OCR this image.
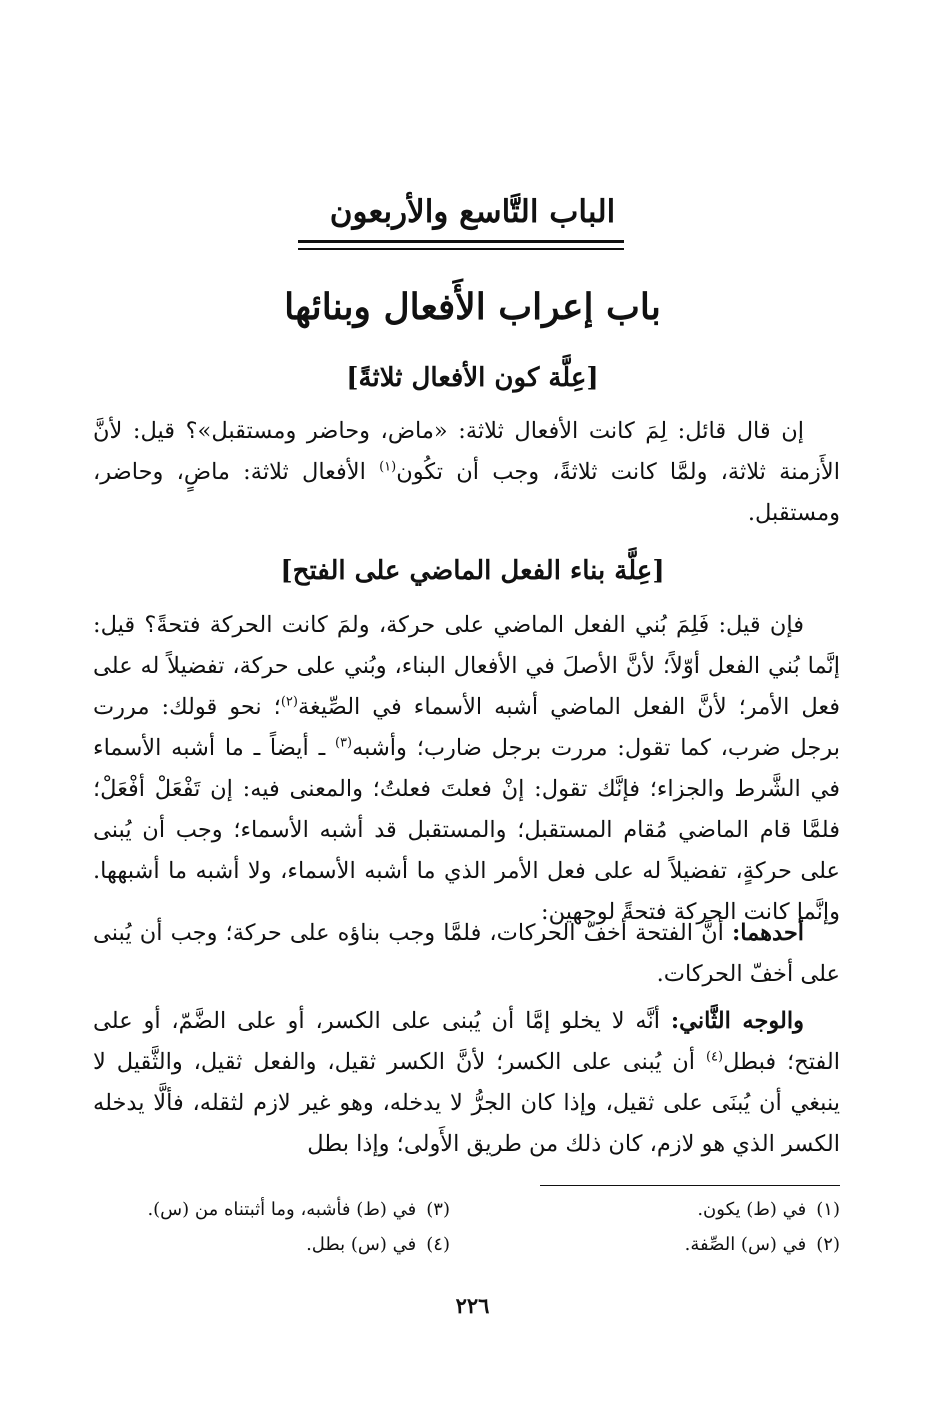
الباب التَّاسع والأربعون
باب إعراب الأَفعال وبنائها
[عِلَّة كون الأفعال ثلاثةً]

إن قال قائل: لِمَ كانت الأفعال ثلاثة: «ماض، وحاضر ومستقبل»؟ قيل: لأنَّ الأَزمنة ثلاثة، ولمَّا كانت ثلاثةً، وجب أن تكُون$^{(١)}$ الأفعال ثلاثة: ماضٍ، وحاضر، ومستقبل.

[عِلَّة بناء الفعل الماضي على الفتح]

فإن قيل: فَلِمَ بُني الفعل الماضي على حركة، ولمَ كانت الحركة فتحةً؟ قيل: إنَّما بُني الفعل أوّلاً؛ لأنَّ الأصلَ في الأفعال البناء، وبُني على حركة، تفضيلاً له على فعل الأمر؛ لأنَّ الفعل الماضي أشبه الأسماء في الصِّيغة$^{(٢)}$؛ نحو قولك: مررت برجل ضرب، كما تقول: مررت برجل ضارب؛ وأشبه$^{(٣)}$ ـ أيضاً ـ ما أشبه الأسماء في الشَّرط والجزاء؛ فإنَّك تقول: إنْ فعلتَ فعلتُ؛ والمعنى فيه: إن تَفْعَلْ أفْعَلْ؛ فلمَّا قام الماضي مُقام المستقبل؛ والمستقبل قد أشبه الأسماء؛ وجب أن يُبنى على حركةٍ، تفضيلاً له على فعل الأمر الذي ما أشبه الأسماء، ولا أشبه ما أشبهها. وإنَّما كانت الحركة فتحةً لوجهين:

أحدهما: أنَّ الفتحة أخفّ الحركات، فلمَّا وجب بناؤه على حركة؛ وجب أن يُبنى على أخفّ الحركات.

والوجه الثَّاني: أنَّه لا يخلو إمَّا أن يُبنى على الكسر، أو على الضَّمّ، أو على الفتح؛ فبطل$^{(٤)}$ أن يُبنى على الكسر؛ لأنَّ الكسر ثقيل، والفعل ثقيل، والثَّقيل لا ينبغي أن يُبنَى على ثقيل، وإذا كان الجرُّ لا يدخله، وهو غير لازم لثقله، فألَّا يدخله الكسر الذي هو لازم، كان ذلك من طريق الأَولى؛ وإذا بطل

(١)في (ط) يكون.
(٢)في (س) الصِّفة.
(٣)في (ط) فأشبه، وما أثبتناه من (س).
(٤)في (س) بطل.
٢٢٦
